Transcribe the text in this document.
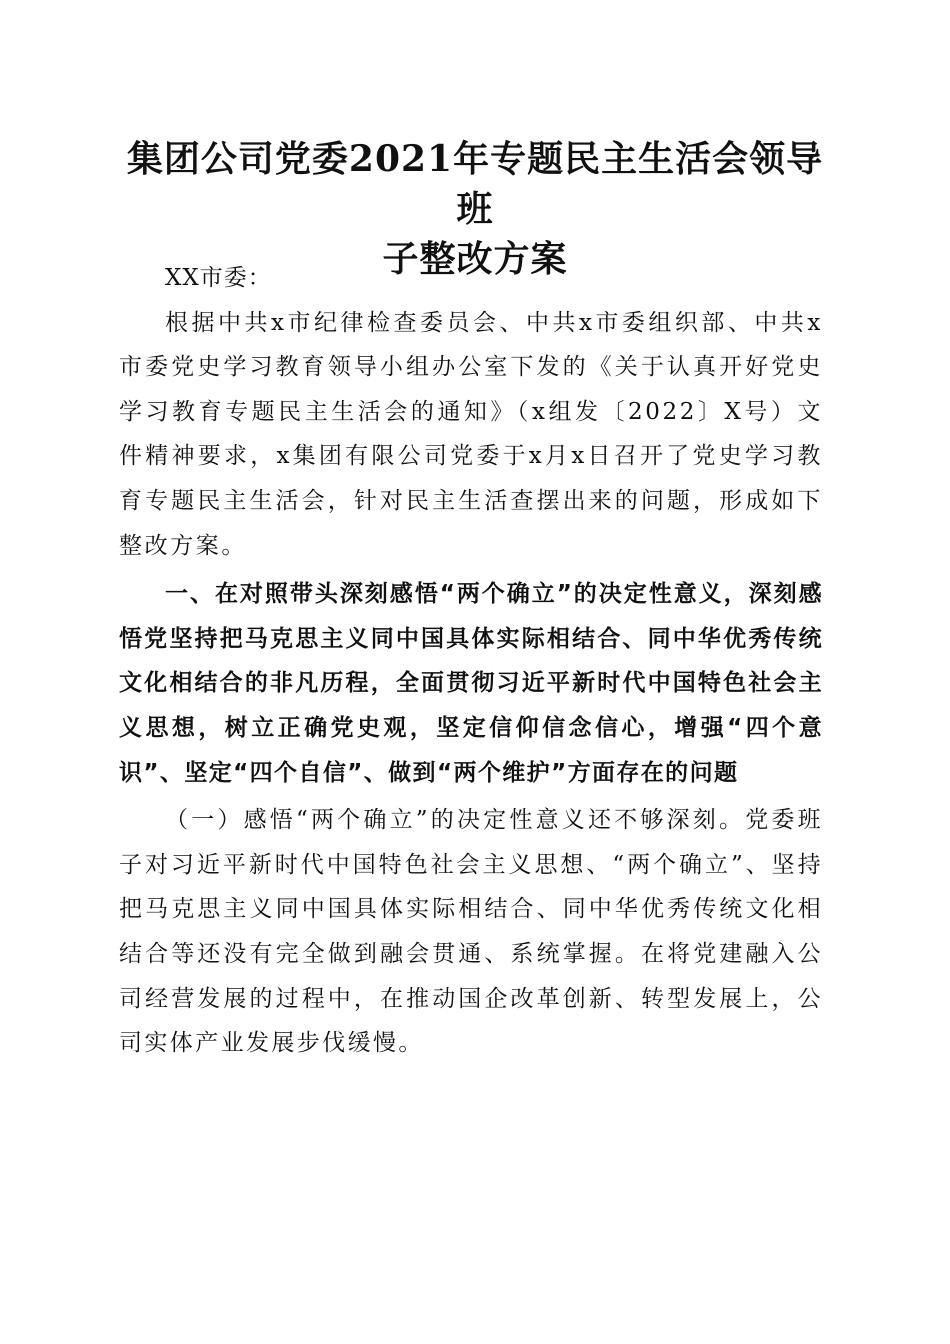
集团公司党委2021年专题民主生活会领导班
子整改方案

XX市委：

根据中共x市纪律检查委员会、中共x市委组织部、中共x市委党史学习教育领导小组办公室下发的《关于认真开好党史学习教育专题民主生活会的通知》（x组发〔2022〕X号）文件精神要求，x集团有限公司党委于x月x日召开了党史学习教育专题民主生活会，针对民主生活查摆出来的问题，形成如下整改方案。

一、在对照带头深刻感悟“两个确立”的决定性意义，深刻感悟党坚持把马克思主义同中国具体实际相结合、同中华优秀传统文化相结合的非凡历程，全面贯彻习近平新时代中国特色社会主义思想，树立正确党史观，坚定信仰信念信心，增强“四个意识”、坚定“四个自信”、做到“两个维护”方面存在的问题

（一）感悟“两个确立”的决定性意义还不够深刻。党委班子对习近平新时代中国特色社会主义思想、“两个确立”、坚持把马克思主义同中国具体实际相结合、同中华优秀传统文化相结合等还没有完全做到融会贯通、系统掌握。在将党建融入公司经营发展的过程中，在推动国企改革创新、转型发展上，公司实体产业发展步伐缓慢。
